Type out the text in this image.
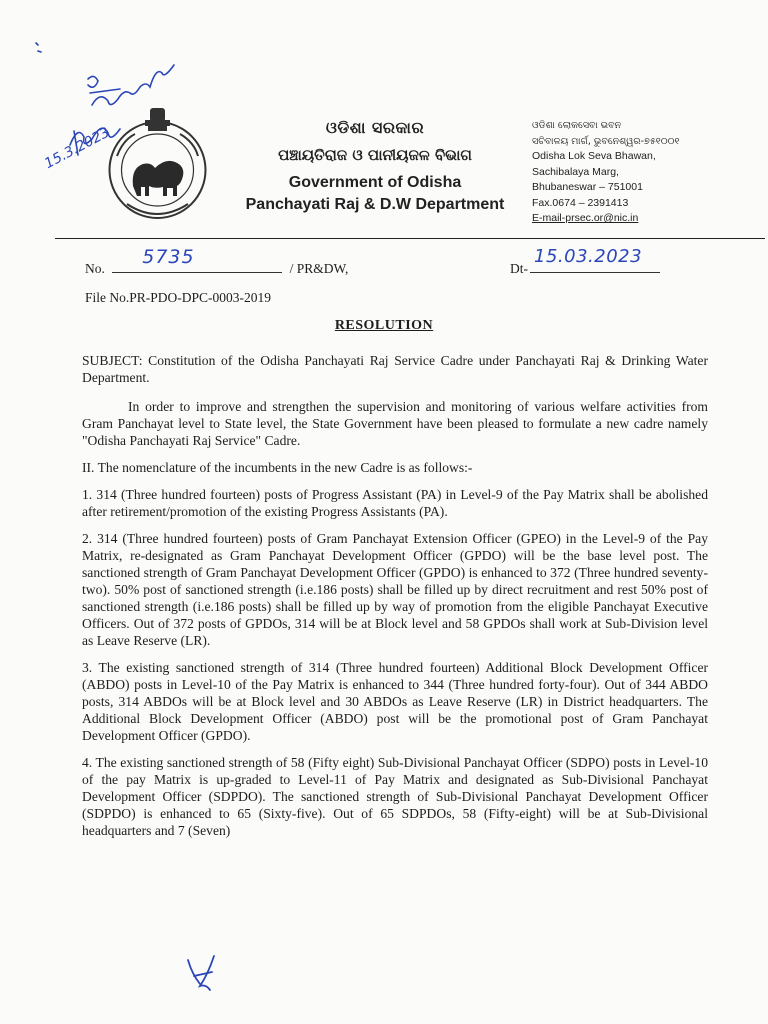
15.3.2023	ଓଡିଶା ସରକାର
ପଞ୍ଚାୟତିରାଜ ଓ ପାନୀୟଜଳ ବିଭାଗ
Government of Odisha
Panchayati Raj & D.W Department
ଓଡିଶା ଲୋକସେବା ଭବନ
ସଚିବାଳୟ ମାର୍ଗ, ଭୁବନେଶ୍ୱର-୭୫୧୦୦୧
Odisha Lok Seva Bhawan,
Sachibalaya Marg,
Bhubaneswar – 751001
Fax.0674 – 2391413
E-mail-prsec.or@nic.in
No.
5735
/ PR&DW,	Dt-
15.03.2023
File No.PR-PDO-DPC-0003-2019
RESOLUTION

SUBJECT: Constitution of the Odisha Panchayati Raj Service Cadre under Panchayati Raj & Drinking Water Department.

In order to improve and strengthen the supervision and monitoring of various welfare activities from Gram Panchayat level to State level, the State Government have been pleased to formulate a new cadre namely "Odisha Panchayati Raj Service" Cadre.

II. The nomenclature of the incumbents in the new Cadre is as follows:-

1. 314 (Three hundred fourteen) posts of Progress Assistant (PA) in Level-9 of the Pay Matrix shall be abolished after retirement/promotion of the existing Progress Assistants (PA).

2. 314 (Three hundred fourteen) posts of Gram Panchayat Extension Officer (GPEO) in the Level-9 of the Pay Matrix, re-designated as Gram Panchayat Development Officer (GPDO) will be the base level post. The sanctioned strength of Gram Panchayat Development Officer (GPDO) is enhanced to 372 (Three hundred seventy-two). 50% post of sanctioned strength (i.e.186 posts) shall be filled up by direct recruitment and rest 50% post of sanctioned strength (i.e.186 posts) shall be filled up by way of promotion from the eligible Panchayat Executive Officers. Out of 372 posts of GPDOs, 314 will be at Block level and 58 GPDOs shall work at Sub-Division level as Leave Reserve (LR).

3. The existing sanctioned strength of 314 (Three hundred fourteen) Additional Block Development Officer (ABDO) posts in Level-10 of the Pay Matrix is enhanced to 344 (Three hundred forty-four). Out of 344 ABDO posts, 314 ABDOs will be at Block level and 30 ABDOs as Leave Reserve (LR) in District headquarters. The Additional Block Development Officer (ABDO) post will be the promotional post of Gram Panchayat Development Officer (GPDO).

4. The existing sanctioned strength of 58 (Fifty eight) Sub-Divisional Panchayat Officer (SDPO) posts in Level-10 of the pay Matrix is up-graded to Level-11 of Pay Matrix and designated as Sub-Divisional Panchayat Development Officer (SDPDO). The sanctioned strength of Sub-Divisional Panchayat Development Officer (SDPDO) is enhanced to 65 (Sixty-five). Out of 65 SDPDOs, 58 (Fifty-eight) will be at Sub-Divisional headquarters and 7 (Seven)
